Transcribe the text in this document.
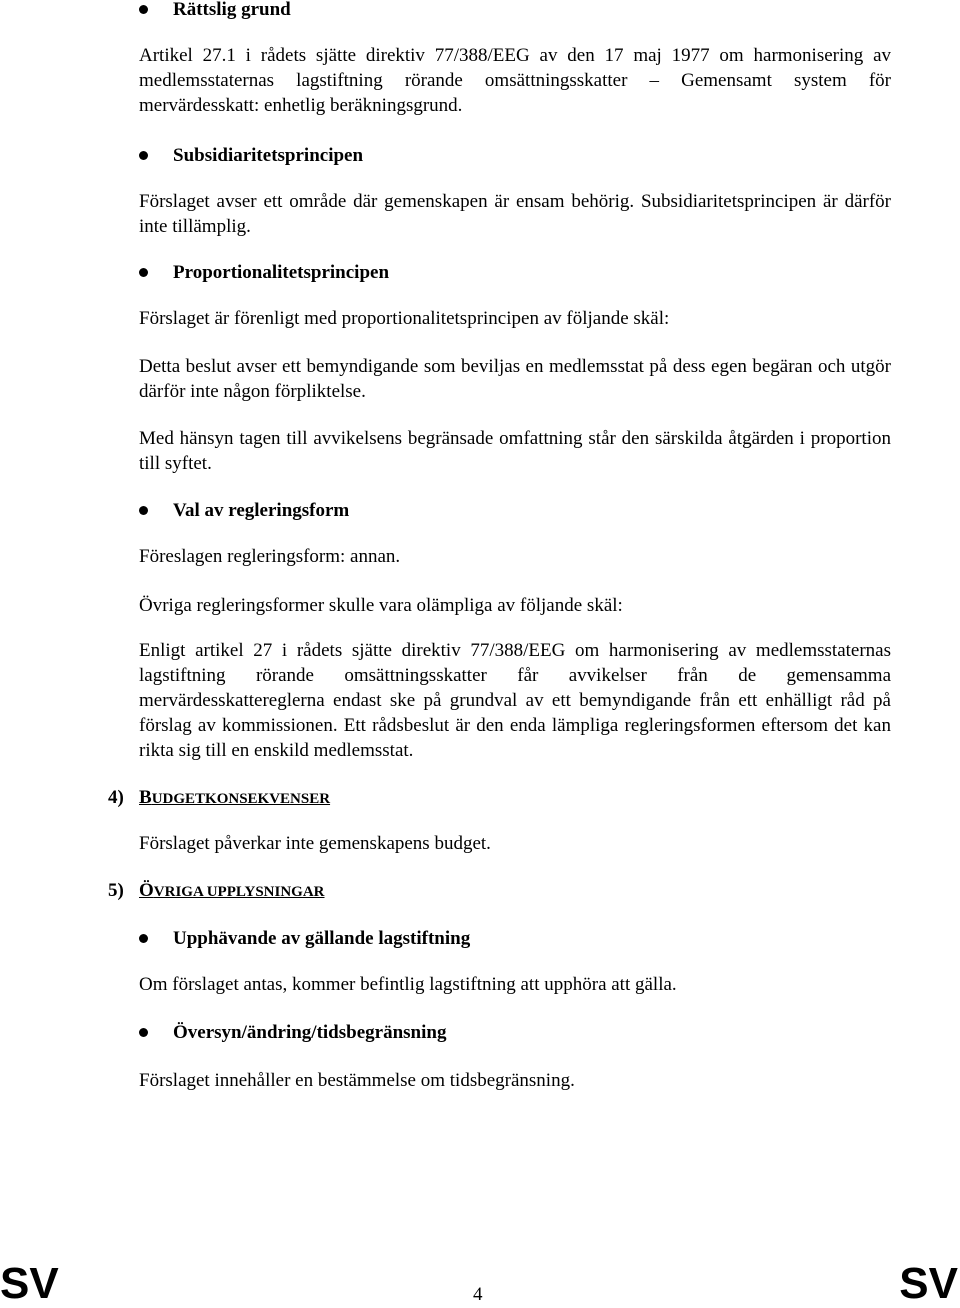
Rättslig grund

Artikel 27.1 i rådets sjätte direktiv 77/388/EEG av den 17 maj 1977 om harmonisering av medlemsstaternas lagstiftning rörande omsättningsskatter – Gemensamt system för mervärdesskatt: enhetlig beräkningsgrund.

Subsidiaritetsprincipen

Förslaget avser ett område där gemenskapen är ensam behörig. Subsidiaritetsprincipen är därför inte tillämplig.

Proportionalitetsprincipen

Förslaget är förenligt med proportionalitetsprincipen av följande skäl:

Detta beslut avser ett bemyndigande som beviljas en medlemsstat på dess egen begäran och utgör därför inte någon förpliktelse.

Med hänsyn tagen till avvikelsens begränsade omfattning står den särskilda åtgärden i proportion till syftet.

Val av regleringsform

Föreslagen regleringsform: annan.

Övriga regleringsformer skulle vara olämpliga av följande skäl:

Enligt artikel 27 i rådets sjätte direktiv 77/388/EEG om harmonisering av medlemsstaternas lagstiftning rörande omsättningsskatter får avvikelser från de gemensamma mervärdesskattereglerna endast ske på grundval av ett bemyndigande från ett enhälligt råd på förslag av kommissionen. Ett rådsbeslut är den enda lämpliga regleringsformen eftersom det kan rikta sig till en enskild medlemsstat.

4) BUDGETKONSEKVENSER

Förslaget påverkar inte gemenskapens budget.

5) ÖVRIGA UPPLYSNINGAR
Upphävande av gällande lagstiftning

Om förslaget antas, kommer befintlig lagstiftning att upphöra att gälla.

Översyn/ändring/tidsbegränsning

Förslaget innehåller en bestämmelse om tidsbegränsning.

SV	4	SV
